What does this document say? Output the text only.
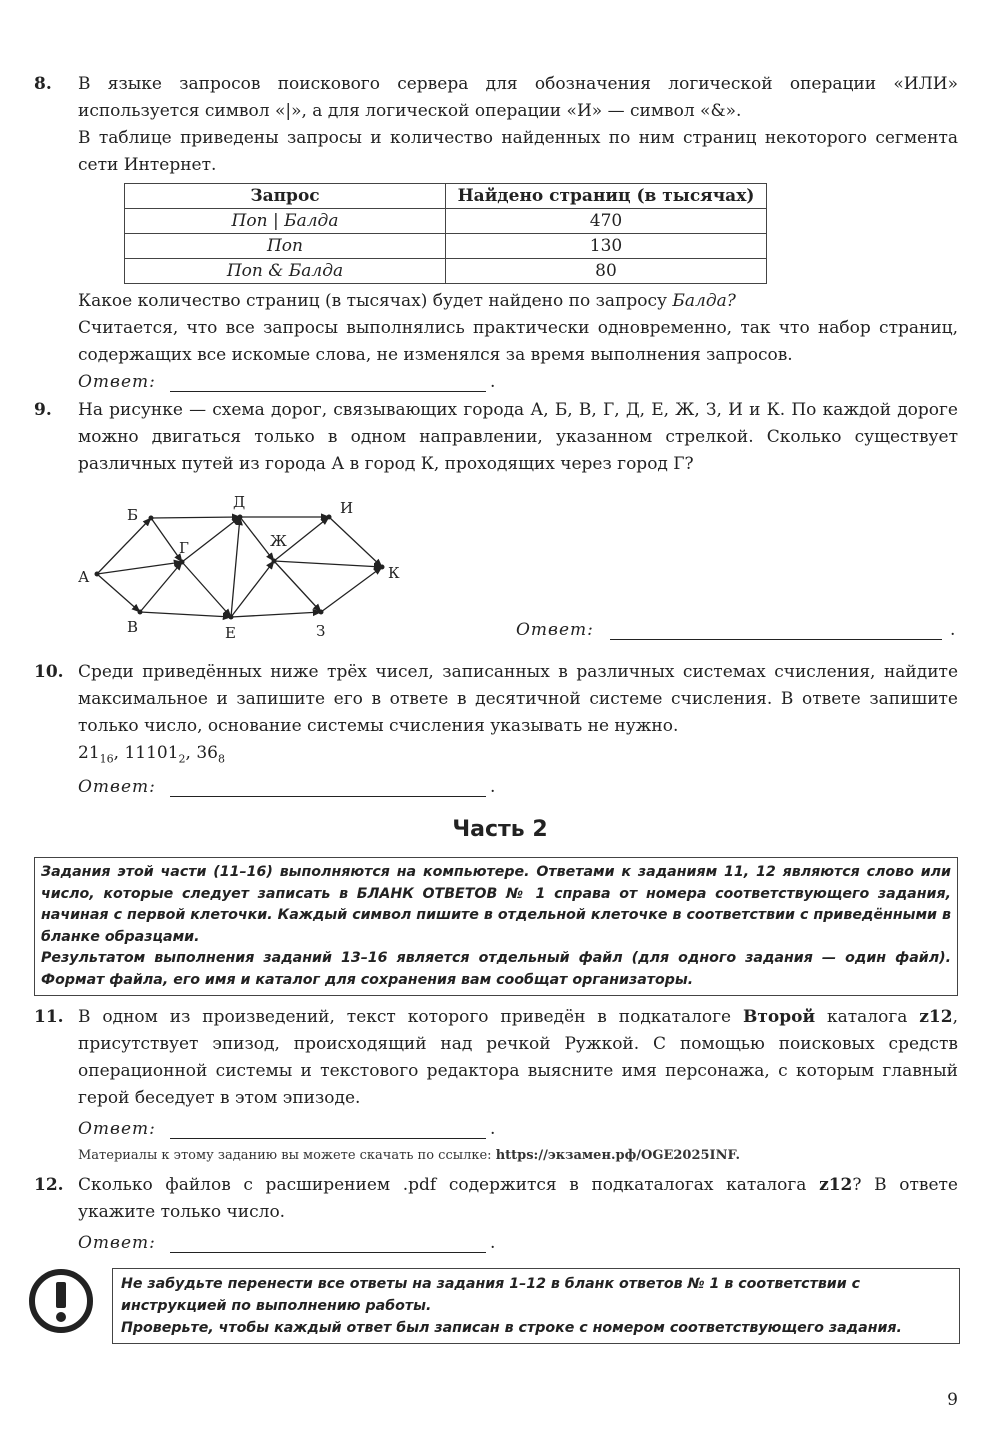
8. В языке запросов поискового сервера для обозначения логической операции «ИЛИ» используется символ «|», а для логической операции «И» — символ «&».

В таблице приведены запросы и количество найденных по ним страниц некоторого сегмента сети Интернет.

Запрос	Найдено страниц (в тысячах)
Поп | Балда	470
Поп	130
Поп & Балда	80

Какое количество страниц (в тысячах) будет найдено по запросу Балда?

Считается, что все запросы выполнялись практически одновременно, так что набор страниц, содержащих все искомые слова, не изменялся за время выполнения запросов.

Ответ:	.
9. На рисунке — схема дорог, связывающих города А, Б, В, Г, Д, Е, Ж, З, И и К. По каждой дороге можно двигаться только в одном направлении, указанном стрелкой. Сколько существует различных путей из города А в город К, проходящих через город Г?

А
Б
В
Г
Д
Е
Ж
З
И
К
Ответ:	.
10. Среди приведённых ниже трёх чисел, записанных в различных системах счисления, найдите максимальное и запишите его в ответе в десятичной системе счисления. В ответе запишите только число, основание системы счисления указывать не нужно.

$21_{16}$, $11101_2$, $36_8$

Ответ:	.
Часть 2

Задания этой части (11–16) выполняются на компьютере. Ответами к заданиям 11, 12 являются слово или число, которые следует записать в БЛАНК ОТВЕТОВ № 1 справа от номера соответствующего задания, начиная с первой клеточки. Каждый символ пишите в отдельной клеточке в соответствии с приведёнными в бланке образцами.

Результатом выполнения заданий 13–16 является отдельный файл (для одного задания — один файл). Формат файла, его имя и каталог для сохранения вам сообщат организаторы.

11. В одном из произведений, текст которого приведён в подкаталоге Второй каталога z12, присутствует эпизод, происходящий над речкой Ружкой. С помощью поисковых средств операционной системы и текстового редактора выясните имя персонажа, с которым главный герой беседует в этом эпизоде.

Ответ:	.
Материалы к этому заданию вы можете скачать по ссылке: https://экзамен.рф/OGE2025INF.
12. Сколько файлов с расширением .pdf содержится в подкаталогах каталога z12? В ответе укажите только число.

Ответ:	.

Не забудьте перенести все ответы на задания 1–12 в бланк ответов № 1 в соответствии с инструкцией по выполнению работы.

Проверьте, чтобы каждый ответ был записан в строке с номером соответствующего задания.

9
